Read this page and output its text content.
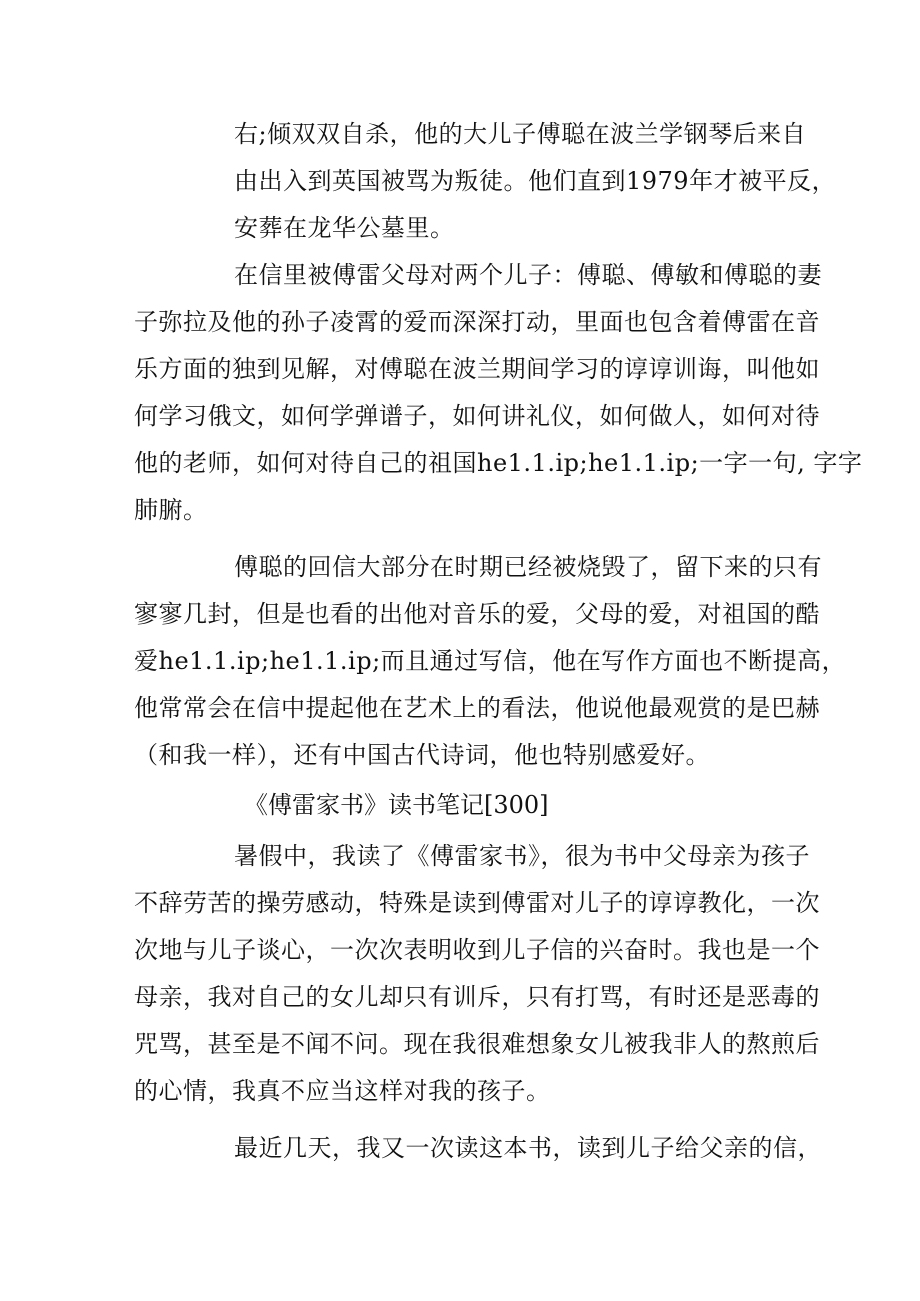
右;倾双双自杀，他的大儿子傅聪在波兰学钢琴后来自
由出入到英国被骂为叛徒。他们直到1979年才被平反，
安葬在龙华公墓里。
在信里被傅雷父母对两个儿子：傅聪、傅敏和傅聪的妻
子弥拉及他的孙子凌霄的爱而深深打动，里面也包含着傅雷在音
乐方面的独到见解，对傅聪在波兰期间学习的谆谆训诲，叫他如
何学习俄文，如何学弹谱子，如何讲礼仪，如何做人，如何对待
他的老师，如何对待自己的祖国he1.1.ip;he1.1.ip;一字一句, 字字
肺腑。
傅聪的回信大部分在时期已经被烧毁了，留下来的只有
寥寥几封，但是也看的出他对音乐的爱，父母的爱，对祖国的酷
爱he1.1.ip;he1.1.ip;而且通过写信，他在写作方面也不断提高，
他常常会在信中提起他在艺术上的看法，他说他最观赏的是巴赫
（和我一样），还有中国古代诗词，他也特别感爱好。
《傅雷家书》读书笔记[300]
暑假中，我读了《傅雷家书》，很为书中父母亲为孩子
不辞劳苦的操劳感动，特殊是读到傅雷对儿子的谆谆教化，一次
次地与儿子谈心，一次次表明收到儿子信的兴奋时。我也是一个
母亲，我对自己的女儿却只有训斥，只有打骂，有时还是恶毒的
咒骂，甚至是不闻不问。现在我很难想象女儿被我非人的熬煎后
的心情，我真不应当这样对我的孩子。
最近几天，我又一次读这本书，读到儿子给父亲的信，
